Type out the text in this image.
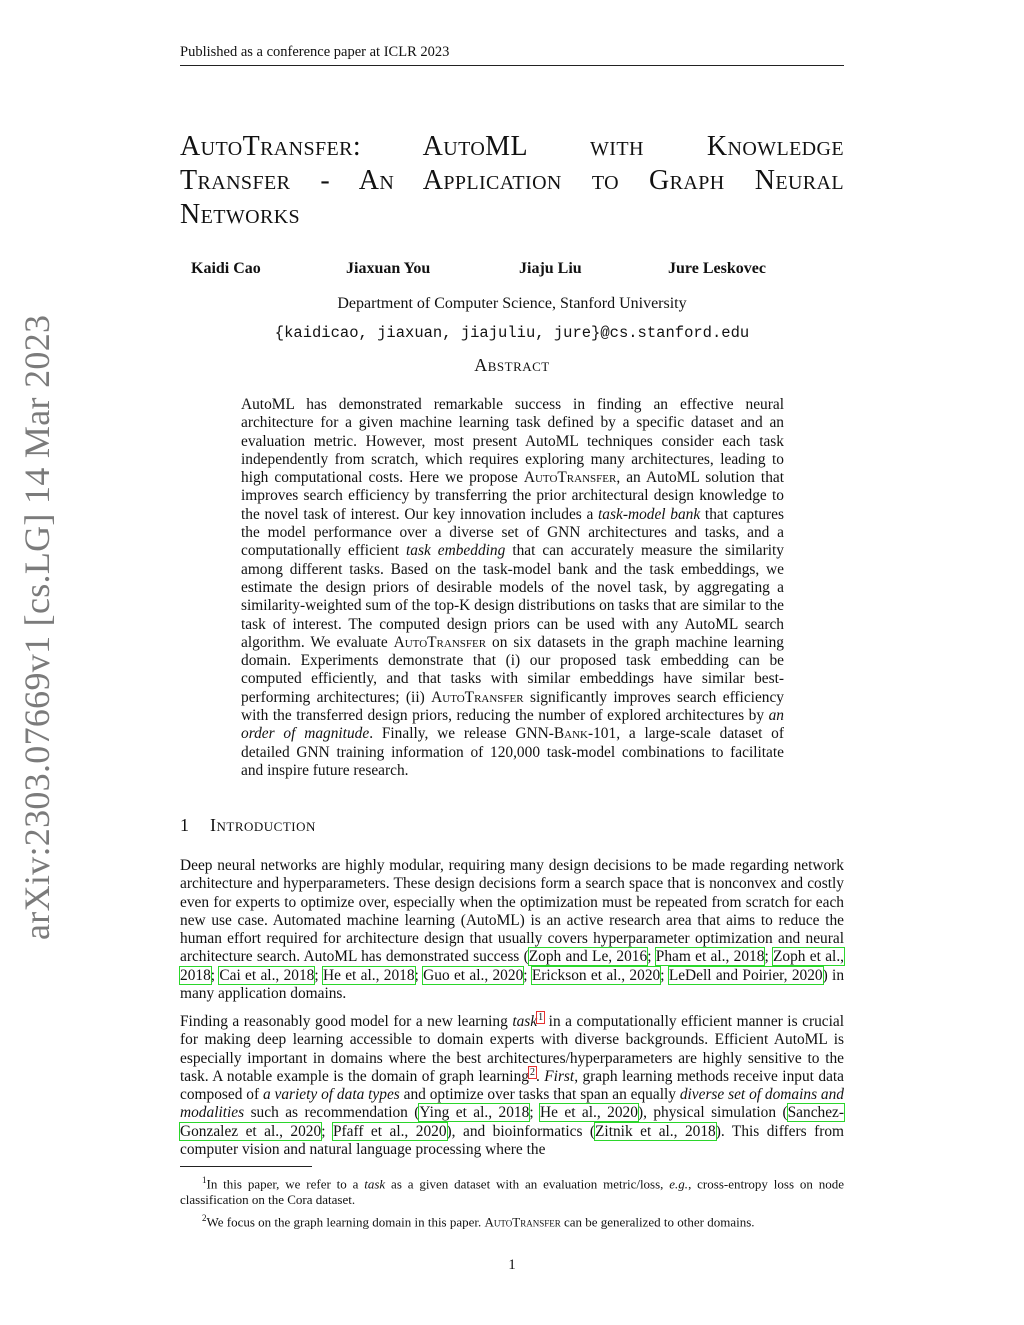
Published as a conference paper at ICLR 2023
arXiv:2303.07669v1 [cs.LG] 14 Mar 2023
AutoTransfer: AutoML with Knowledge
Transfer - An Application to Graph Neural
Networks
Kaidi Cao	Jiaxuan You	Jiaju Liu	Jure Leskovec
Department of Computer Science, Stanford University
{kaidicao, jiaxuan, jiajuliu, jure}@cs.stanford.edu
Abstract
AutoML has demonstrated remarkable success in finding an effective neural architecture for a given machine learning task defined by a specific dataset and an evaluation metric. However, most present AutoML techniques consider each task independently from scratch, which requires exploring many architectures, leading to high computational costs. Here we propose AutoTransfer, an AutoML solution that improves search efficiency by transferring the prior architectural design knowledge to the novel task of interest. Our key innovation includes a task-model bank that captures the model performance over a diverse set of GNN architectures and tasks, and a computationally efficient task embedding that can accurately measure the similarity among different tasks. Based on the task-model bank and the task embeddings, we estimate the design priors of desirable models of the novel task, by aggregating a similarity-weighted sum of the top-K design distributions on tasks that are similar to the task of interest. The computed design priors can be used with any AutoML search algorithm. We evaluate AutoTransfer on six datasets in the graph machine learning domain. Experiments demonstrate that (i) our proposed task embedding can be computed efficiently, and that tasks with similar embeddings have similar best-performing architectures; (ii) AutoTransfer significantly improves search efficiency with the transferred design priors, reducing the number of explored architectures by an order of magnitude. Finally, we release GNN-Bank-101, a large-scale dataset of detailed GNN training information of 120,000 task-model combinations to facilitate and inspire future research.
1 Introduction
Deep neural networks are highly modular, requiring many design decisions to be made regarding network architecture and hyperparameters. These design decisions form a search space that is nonconvex and costly even for experts to optimize over, especially when the optimization must be repeated from scratch for each new use case. Automated machine learning (AutoML) is an active research area that aims to reduce the human effort required for architecture design that usually covers hyperparameter optimization and neural architecture search. AutoML has demonstrated success (Zoph and Le, 2016; Pham et al., 2018; Zoph et al., 2018; Cai et al., 2018; He et al., 2018; Guo et al., 2020; Erickson et al., 2020; LeDell and Poirier, 2020) in many application domains.
Finding a reasonably good model for a new learning task$^1$ in a computationally efficient manner is crucial for making deep learning accessible to domain experts with diverse backgrounds. Efficient AutoML is especially important in domains where the best architectures/hyperparameters are highly sensitive to the task. A notable example is the domain of graph learning$^2$. First, graph learning methods receive input data composed of a variety of data types and optimize over tasks that span an equally diverse set of domains and modalities such as recommendation (Ying et al., 2018; He et al., 2020), physical simulation (Sanchez-Gonzalez et al., 2020; Pfaff et al., 2020), and bioinformatics (Zitnik et al., 2018). This differs from computer vision and natural language processing where the

$^1$In this paper, we refer to a task as a given dataset with an evaluation metric/loss, e.g., cross-entropy loss on node classification on the Cora dataset.

$^2$We focus on the graph learning domain in this paper. AutoTransfer can be generalized to other domains.

1
